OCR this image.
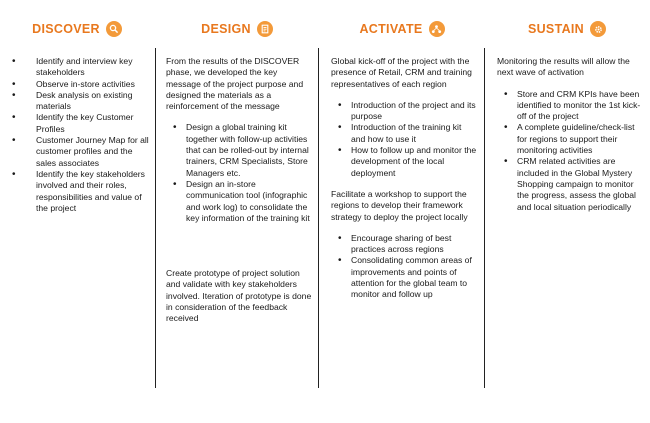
DISCOVER
• Identify and interview key stakeholders
• Observe in-store activities
• Desk analysis on existing materials
• Identify the key Customer Profiles
• Customer Journey Map for all customer profiles and the sales associates
• Identify the key stakeholders involved and their roles, responsibilities and value of the project
DESIGN

From the results of the DISCOVER phase, we developed the key message of the project purpose and designed the materials as a reinforcement of the message

• Design a global training kit together with follow-up activities that can be rolled-out by internal trainers, CRM Specialists, Store Managers etc.
• Design an in-store communication tool (infographic and work log) to consolidate the key information of the training kit

Create prototype of project solution and validate with key stakeholders involved. Iteration of prototype is done in consideration of the feedback received

ACTIVATE

Global kick-off of the project with the presence of Retail, CRM and training representatives of each region

• Introduction of the project and its purpose
• Introduction of the training kit and how to use it
• How to follow up and monitor the development of the local deployment

Facilitate a workshop to support the regions to develop their framework strategy to deploy the project locally

• Encourage sharing of best practices across regions
• Consolidating common areas of improvements and points of attention for the global team to monitor and follow up
SUSTAIN

Monitoring the results will allow the next wave of activation

• Store and CRM KPIs have been identified to monitor the 1st kick-off of the project
• A complete guideline/check-list for regions to support their monitoring activities
• CRM related activities are included in the Global Mystery Shopping campaign to monitor the progress, assess the global and local situation periodically
